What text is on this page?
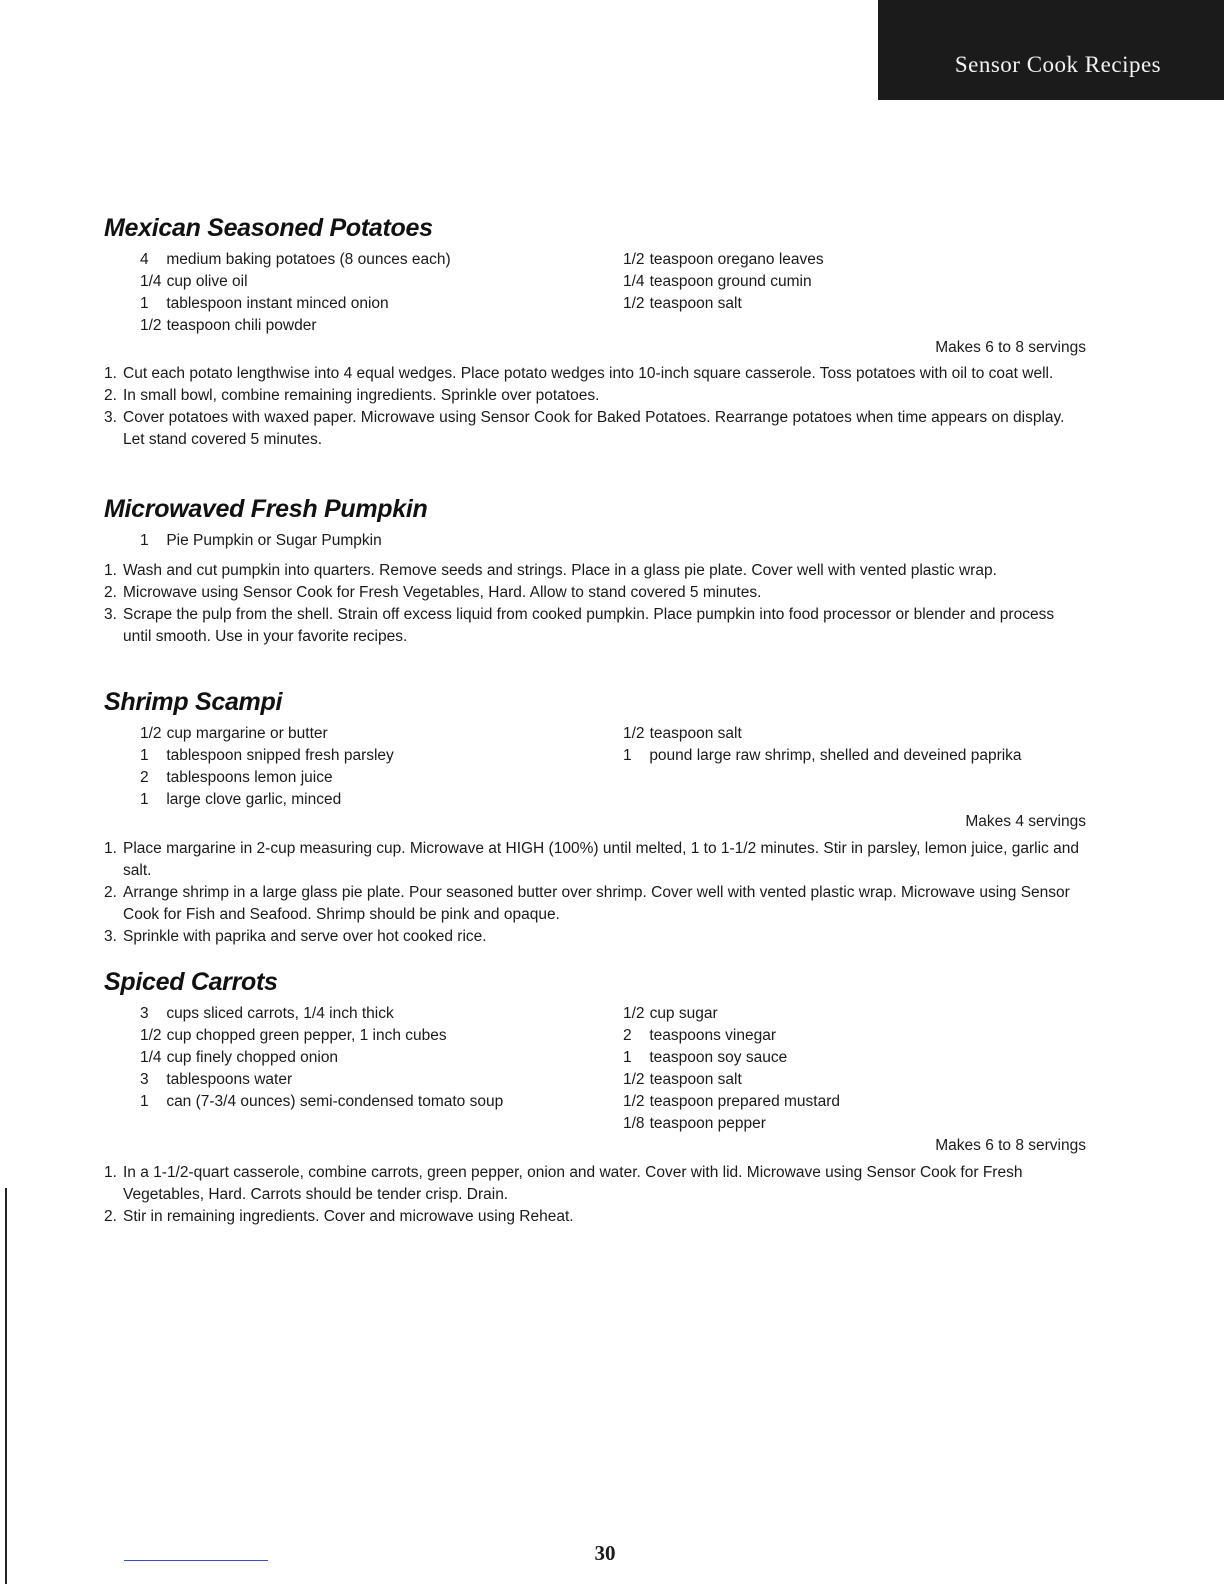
Sensor Cook Recipes
Mexican Seasoned Potatoes
4 medium baking potatoes (8 ounces each)
1/4 cup olive oil
1 tablespoon instant minced onion
1/2 teaspoon chili powder
1/2 teaspoon oregano leaves
1/4 teaspoon ground cumin
1/2 teaspoon salt
Makes 6 to 8 servings
1. Cut each potato lengthwise into 4 equal wedges. Place potato wedges into 10-inch square casserole. Toss potatoes with oil to coat well.
2. In small bowl, combine remaining ingredients. Sprinkle over potatoes.
3. Cover potatoes with waxed paper. Microwave using Sensor Cook for Baked Potatoes. Rearrange potatoes when time appears on display. Let stand covered 5 minutes.
Microwaved Fresh Pumpkin
1 Pie Pumpkin or Sugar Pumpkin
1. Wash and cut pumpkin into quarters. Remove seeds and strings. Place in a glass pie plate. Cover well with vented plastic wrap.
2. Microwave using Sensor Cook for Fresh Vegetables, Hard. Allow to stand covered 5 minutes.
3. Scrape the pulp from the shell. Strain off excess liquid from cooked pumpkin. Place pumpkin into food processor or blender and process until smooth. Use in your favorite recipes.
Shrimp Scampi
1/2 cup margarine or butter
1 tablespoon snipped fresh parsley
2 tablespoons lemon juice
1 large clove garlic, minced
1/2 teaspoon salt
1 pound large raw shrimp, shelled and deveined paprika
Makes 4 servings
1. Place margarine in 2-cup measuring cup. Microwave at HIGH (100%) until melted, 1 to 1-1/2 minutes. Stir in parsley, lemon juice, garlic and salt.
2. Arrange shrimp in a large glass pie plate. Pour seasoned butter over shrimp. Cover well with vented plastic wrap. Microwave using Sensor Cook for Fish and Seafood. Shrimp should be pink and opaque.
3. Sprinkle with paprika and serve over hot cooked rice.
Spiced Carrots
3 cups sliced carrots, 1/4 inch thick
1/2 cup chopped green pepper, 1 inch cubes
1/4 cup finely chopped onion
3 tablespoons water
1 can (7-3/4 ounces) semi-condensed tomato soup
1/2 cup sugar
2 teaspoons vinegar
1 teaspoon soy sauce
1/2 teaspoon salt
1/2 teaspoon prepared mustard
1/8 teaspoon pepper
Makes 6 to 8 servings
1. In a 1-1/2-quart casserole, combine carrots, green pepper, onion and water. Cover with lid. Microwave using Sensor Cook for Fresh Vegetables, Hard. Carrots should be tender crisp. Drain.
2. Stir in remaining ingredients. Cover and microwave using Reheat.
30
